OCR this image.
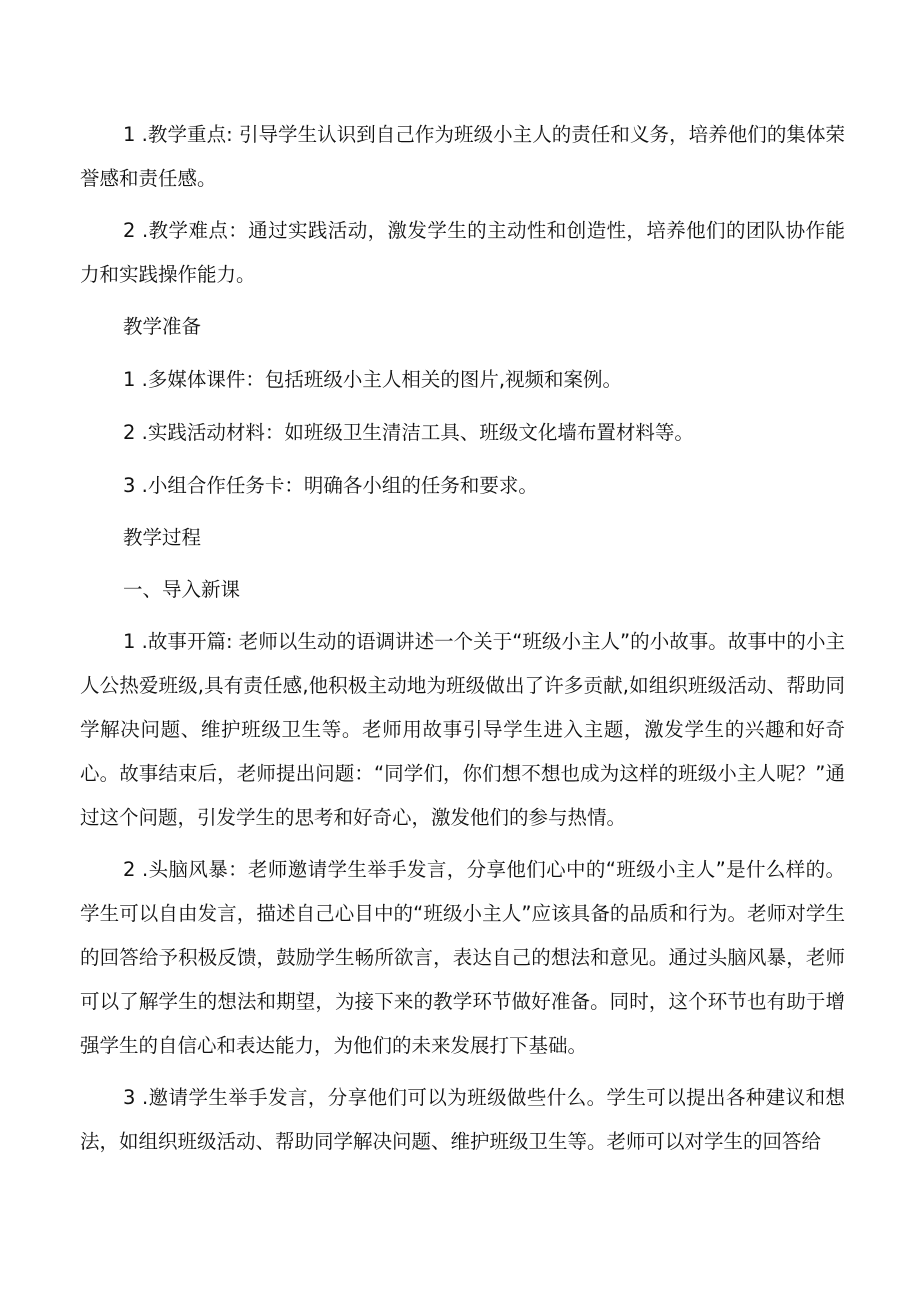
1 .教学重点: 引导学生认识到自己作为班级小主人的责任和义务，培养他们的集体荣誉感和责任感。

2 .教学难点：通过实践活动，激发学生的主动性和创造性，培养他们的团队协作能力和实践操作能力。

教学准备

1 .多媒体课件：包括班级小主人相关的图片,视频和案例。

2 .实践活动材料：如班级卫生清洁工具、班级文化墙布置材料等。

3 .小组合作任务卡：明确各小组的任务和要求。

教学过程

一、导入新课

1 .故事开篇: 老师以生动的语调讲述一个关于“班级小主人”的小故事。故事中的小主人公热爱班级,具有责任感,他积极主动地为班级做出了许多贡献,如组织班级活动、帮助同学解决问题、维护班级卫生等。老师用故事引导学生进入主题，激发学生的兴趣和好奇心。故事结束后，老师提出问题：“同学们，你们想不想也成为这样的班级小主人呢？”通过这个问题，引发学生的思考和好奇心，激发他们的参与热情。

2 .头脑风暴：老师邀请学生举手发言，分享他们心中的“班级小主人”是什么样的。学生可以自由发言，描述自己心目中的“班级小主人”应该具备的品质和行为。老师对学生的回答给予积极反馈，鼓励学生畅所欲言，表达自己的想法和意见。通过头脑风暴，老师可以了解学生的想法和期望，为接下来的教学环节做好准备。同时，这个环节也有助于增强学生的自信心和表达能力，为他们的未来发展打下基础。

3 .邀请学生举手发言，分享他们可以为班级做些什么。学生可以提出各种建议和想法，如组织班级活动、帮助同学解决问题、维护班级卫生等。老师可以对学生的回答给
